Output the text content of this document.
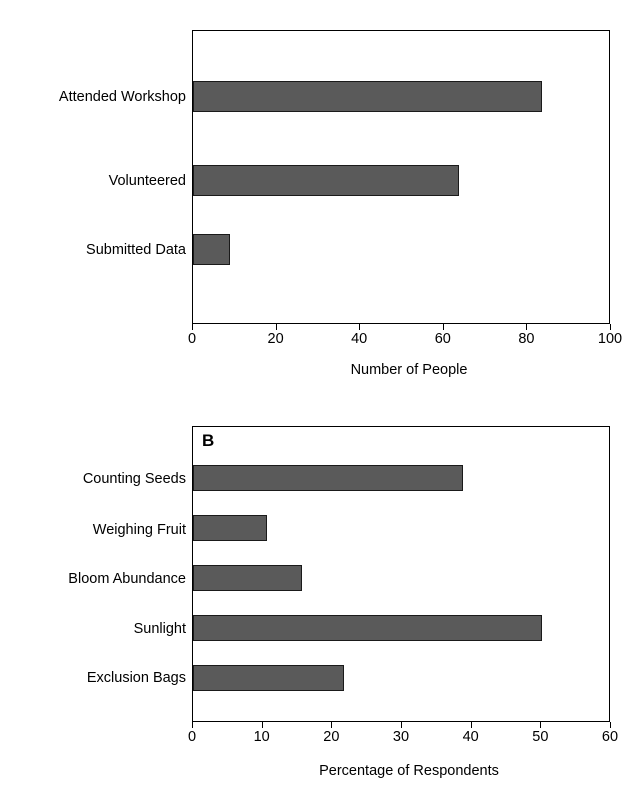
Attended Workshop
Volunteered
Submitted Data
0	20	40	60	80	100
Number of People
Counting Seeds
Weighing Fruit
Bloom Abundance
Sunlight
Exclusion Bags
0	10	20	30	40	50	60
B
Percentage of Respondents
